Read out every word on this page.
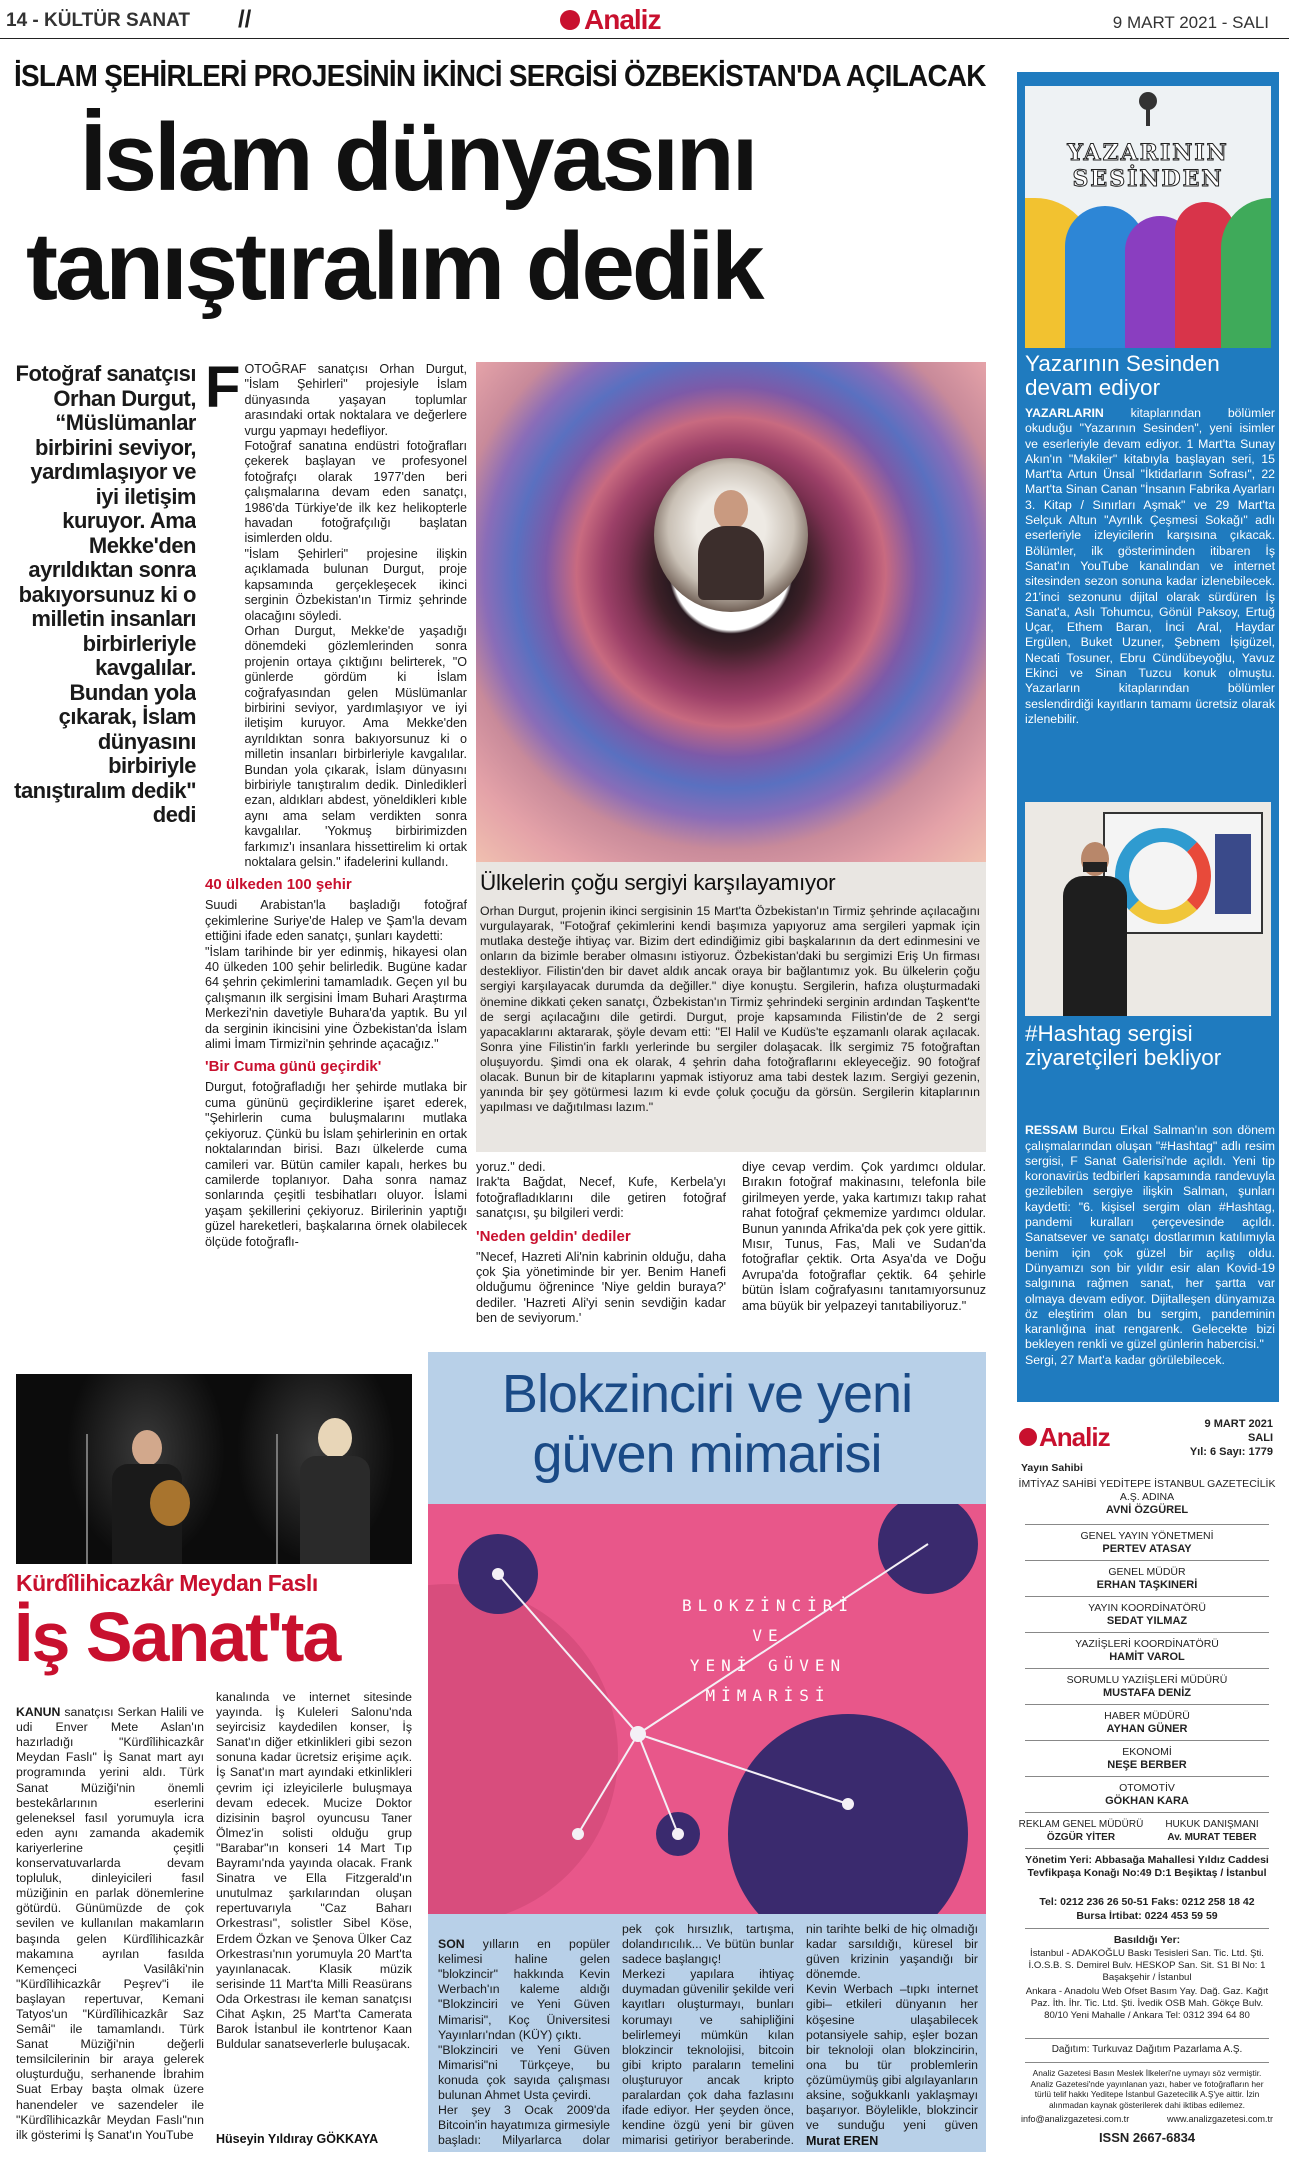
14 - KÜLTÜR SANAT //	Analiz	9 MART 2021 - SALI
İSLAM ŞEHİRLERİ PROJESİNİN İKİNCİ SERGİSİ ÖZBEKİSTAN'DA AÇILACAK
İslam dünyasını
tanıştıralım dedik
Fotoğraf sanatçısı Orhan Durgut, “Müslümanlar birbirini seviyor, yardımlaşıyor ve iyi iletişim kuruyor. Ama Mekke'den ayrıldıktan sonra bakıyorsunuz ki o milletin insanları birbirleriyle kavgalılar. Bundan yola çıkarak, İslam dünyasını birbiriyle tanıştıralım dedik" dedi
F OTOĞRAF sanatçısı Orhan Durgut, "İslam Şehirleri" projesiyle İslam dünyasında yaşayan toplumlar arasındaki ortak noktalara ve değerlere vurgu yapmayı hedefliyor.
Fotoğraf sanatına endüstri fotoğrafları çekerek başlayan ve profesyonel fotoğrafçı olarak 1977'den beri çalışmalarına devam eden sanatçı, 1986'da Türkiye'de ilk kez helikopterle havadan fotoğrafçılığı başlatan isimlerden oldu.
"İslam Şehirleri" projesine ilişkin açıklamada bulunan Durgut, proje kapsamında gerçekleşecek ikinci serginin Özbekistan'ın Tirmiz şehrinde olacağını söyledi.
Orhan Durgut, Mekke'de yaşadığı dönemdeki gözlemlerinden sonra projenin ortaya çıktığını belirterek, "O günlerde gördüm ki İslam coğrafyasından gelen Müslümanlar birbirini seviyor, yardımlaşıyor ve iyi iletişim kuruyor. Ama Mekke'den ayrıldıktan sonra bakıyorsunuz ki o milletin insanları birbirleriyle kavgalılar. Bundan yola çıkarak, İslam dünyasını birbiriyle tanıştıralım dedik. Dinlediklerİ ezan, aldıkları abdest, yöneldikleri kıble aynı ama selam verdikten sonra kavgalılar. 'Yokmuş birbirimizden farkımız'ı insanlara hissettirelim ki ortak noktalara gelsin." ifadelerini kullandı.
40 ülkeden 100 şehir
Suudi Arabistan'la başladığı fotoğraf çekimlerine Suriye'de Halep ve Şam'la devam ettiğini ifade eden sanatçı, şunları kaydetti:
"İslam tarihinde bir yer edinmiş, hikayesi olan 40 ülkeden 100 şehir belirledik. Bugüne kadar 64 şehrin çekimlerini tamamladık. Geçen yıl bu çalışmanın ilk sergisini İmam Buhari Araştırma Merkezi'nin davetiyle Buhara'da yaptık. Bu yıl da serginin ikincisini yine Özbekistan'da İslam alimi İmam Tirmizi'nin şehrinde açacağız."
'Bir Cuma günü geçirdik'
Durgut, fotoğrafladığı her şehirde mutlaka bir cuma gününü geçirdiklerine işaret ederek, "Şehirlerin cuma buluşmalarını mutlaka çekiyoruz. Çünkü bu İslam şehirlerinin en ortak noktalarından birisi. Bazı ülkelerde cuma camileri var. Bütün camiler kapalı, herkes bu camilerde toplanıyor. Daha sonra namaz sonlarında çeşitli tesbihatları oluyor. İslami yaşam şekillerini çekiyoruz. Birilerinin yaptığı güzel hareketleri, başkalarına örnek olabilecek ölçüde fotoğraflı-
Ülkelerin çoğu sergiyi karşılayamıyor
Orhan Durgut, projenin ikinci sergisinin 15 Mart'ta Özbekistan'ın Tirmiz şehrinde açılacağını vurgulayarak, "Fotoğraf çekimlerini kendi başımıza yapıyoruz ama sergileri yapmak için mutlaka desteğe ihtiyaç var. Bizim dert edindiğimiz gibi başkalarının da dert edinmesini ve onların da bizimle beraber olmasını istiyoruz. Özbekistan'daki bu sergimizi Eriş Un firması destekliyor. Filistin'den bir davet aldık ancak oraya bir bağlantımız yok. Bu ülkelerin çoğu sergiyi karşılayacak durumda da değiller." diye konuştu. Sergilerin, hafıza oluşturmadaki önemine dikkati çeken sanatçı, Özbekistan'ın Tirmiz şehrindeki serginin ardından Taşkent'te de sergi açılacağını dile getirdi. Durgut, proje kapsamında Filistin'de de 2 sergi yapacaklarını aktararak, şöyle devam etti: "El Halil ve Kudüs'te eşzamanlı olarak açılacak. Sonra yine Filistin'in farklı yerlerinde bu sergiler dolaşacak. İlk sergimiz 75 fotoğraftan oluşuyordu. Şimdi ona ek olarak, 4 şehrin daha fotoğraflarını ekleyeceğiz. 90 fotoğraf olacak. Bunun bir de kitaplarını yapmak istiyoruz ama tabi destek lazım. Sergiyi gezenin, yanında bir şey götürmesi lazım ki evde çoluk çocuğu da görsün. Sergilerin kitaplarının yapılması ve dağıtılması lazım."
yoruz." dedi.
Irak'ta Bağdat, Necef, Kufe, Kerbela'yı fotoğrafladıklarını dile getiren fotoğraf sanatçısı, şu bilgileri verdi:
'Neden geldin' dediler
"Necef, Hazreti Ali'nin kabrinin olduğu, daha çok Şia yönetiminde bir yer. Benim Hanefi olduğumu öğrenince 'Niye geldin buraya?' dediler. 'Hazreti Ali'yi senin sevdiğin kadar ben de seviyorum.'
diye cevap verdim. Çok yardımcı oldular. Bırakın fotoğraf makinasını, telefonla bile girilmeyen yerde, yaka kartımızı takıp rahat rahat fotoğraf çekmemize yardımcı oldular. Bunun yanında Afrika'da pek çok yere gittik. Mısır, Tunus, Fas, Mali ve Sudan'da fotoğraflar çektik. Orta Asya'da ve Doğu Avrupa'da fotoğraflar çektik. 64 şehirle bütün İslam coğrafyasını tanıtamıyorsunuz ama büyük bir yelpazeyi tanıtabiliyoruz."
YAZARININ
SESİNDEN
Yazarının Sesinden devam ediyor
YAZARLARIN kitaplarından bölümler okuduğu "Yazarının Sesinden", yeni isimler ve eserleriyle devam ediyor. 1 Mart'ta Sunay Akın'ın "Makiler" kitabıyla başlayan seri, 15 Mart'ta Artun Ünsal "İktidarların Sofrası", 22 Mart'ta Sinan Canan "İnsanın Fabrika Ayarları 3. Kitap / Sınırları Aşmak" ve 29 Mart'ta Selçuk Altun "Ayrılık Çeşmesi Sokağı" adlı eserleriyle izleyicilerin karşısına çıkacak. Bölümler, ilk gösteriminden itibaren İş Sanat'ın YouTube kanalından ve internet sitesinden sezon sonuna kadar izlenebilecek. 21'inci sezonunu dijital olarak sürdüren İş Sanat'a, Aslı Tohumcu, Gönül Paksoy, Ertuğ Uçar, Ethem Baran, İnci Aral, Haydar Ergülen, Buket Uzuner, Şebnem İşigüzel, Necati Tosuner, Ebru Cündübeyoğlu, Yavuz Ekinci ve Sinan Tuzcu konuk olmuştu. Yazarların kitaplarından bölümler seslendirdiği kayıtların tamamı ücretsiz olarak izlenebilir.
#Hashtag sergisi ziyaretçileri bekliyor

RESSAM Burcu Erkal Salman'ın son dönem çalışmalarından oluşan "#Hashtag" adlı resim sergisi, F Sanat Galerisi'nde açıldı. Yeni tip koronavirüs tedbirleri kapsamında randevuyla gezilebilen sergiye ilişkin Salman, şunları kaydetti: "6. kişisel sergim olan #Hashtag, pandemi kuralları çerçevesinde açıldı. Sanatsever ve sanatçı dostlarımın katılımıyla benim için çok güzel bir açılış oldu. Dünyamızı son bir yıldır esir alan Kovid-19 salgınına rağmen sanat, her şartta var olmaya devam ediyor. Dijitalleşen dünyamıza öz eleştirim olan bu sergim, pandeminin karanlığına inat rengarenk. Gelecekte bizi bekleyen renkli ve güzel günlerin habercisi."
Sergi, 27 Mart'a kadar görülebilecek.

Kürdîlihicazkâr Meydan Faslı
İş Sanat'ta

KANUN sanatçısı Serkan Halili ve udi Enver Mete Aslan'ın hazırladığı "Kürdîlihicazkâr Meydan Faslı" İş Sanat mart ayı programında yerini aldı. Türk Sanat Müziği'nin önemli bestekârlarının eserlerini geleneksel fasıl yorumuyla icra eden aynı zamanda akademik kariyerlerine çeşitli konservatuvarlarda devam topluluk, dinleyicileri fasıl müziğinin en parlak dönemlerine götürdü. Günümüzde de çok sevilen ve kullanılan makamların başında gelen Kürdîlihicazkâr makamına ayrılan fasılda Kemençeci Vasilâki'nin "Kürdîlihicazkâr Peşrev"i ile başlayan repertuvar, Kemani Tatyos'un "Kürdîlihicazkâr Saz Semâi" ile tamamlandı. Türk Sanat Müziği'nin değerli temsilcilerinin bir araya gelerek oluşturduğu, serhanende İbrahim Suat Erbay başta olmak üzere hanendeler ve sazendeler ile "Kürdîlihicazkâr Meydan Faslı"nın ilk gösterimi İş Sanat'ın YouTube

kanalında ve internet sitesinde yayında. İş Kuleleri Salonu'nda seyircisiz kaydedilen konser, İş Sanat'ın diğer etkinlikleri gibi sezon sonuna kadar ücretsiz erişime açık. İş Sanat'ın mart ayındaki etkinlikleri çevrim içi izleyicilerle buluşmaya devam edecek. Mucize Doktor dizisinin başrol oyuncusu Taner Ölmez'in solisti olduğu grup "Barabar"ın konseri 14 Mart Tıp Bayramı'nda yayında olacak. Frank Sinatra ve Ella Fitzgerald'ın unutulmaz şarkılarından oluşan repertuvarıyla "Caz Baharı Orkestrası", solistler Sibel Köse, Erdem Özkan ve Şenova Ülker Caz Orkestrası'nın yorumuyla 20 Mart'ta yayınlanacak. Klasik müzik serisinde 11 Mart'ta Milli Reasürans Oda Orkestrası ile keman sanatçısı Cihat Aşkın, 25 Mart'ta Camerata Barok İstanbul ile kontrtenor Kaan Buldular sanatseverlerle buluşacak.
Hüseyin Yıldıray GÖKKAYA
Blokzinciri ve yeni
güven mimarisi
BLOKZİNCİRİ
VE
YENİ GÜVEN
MİMARİSİ

SON yılların en popüler kelimesi haline gelen "blokzincir" hakkında Kevin Werbach'ın kaleme aldığı "Blokzinciri ve Yeni Güven Mimarisi", Koç Üniversitesi Yayınları'ndan (KÜY) çıktı.
"Blokzinciri ve Yeni Güven Mimarisi"ni Türkçeye, bu konuda çok sayıda çalışması bulunan Ahmet Usta çevirdi.
Her şey 3 Ocak 2009'da Bitcoin'in hayatımıza girmesiyle başladı: Milyarlarca dolar

pek çok hırsızlık, tartışma, dolandırıcılık... Ve bütün bunlar sadece başlangıç!
Merkezi yapılara ihtiyaç duymadan güvenilir şekilde veri kayıtları oluşturmayı, bunları korumayı ve sahipliğini belirlemeyi mümkün kılan blokzincir teknolojisi, bitcoin gibi kripto paraların temelini oluşturuyor ancak kripto paralardan çok daha fazlasını ifade ediyor. Her şeyden önce, kendine özgü yeni bir güven mimarisi getiriyor beraberinde.
nin tarihte belki de hiç olmadığı kadar sarsıldığı, küresel bir güven krizinin yaşandığı bir dönemde.
Kevin Werbach –tıpkı internet gibi– etkileri dünyanın her köşesine ulaşabilecek potansiyele sahip, eşler bozan bir teknoloji olan blokzincirin, ona bu tür problemlerin çözümüymüş gibi algılayanların aksine, soğukkanlı yaklaşmayı başarıyor. Böylelikle, blokzincir ve sunduğu yeni güven
Murat EREN
Analiz	9 MART 2021
SALI
Yıl: 6 Sayı: 1779
Yayın Sahibi
İMTİYAZ SAHİBİ YEDİTEPE İSTANBUL GAZETECİLİK A.Ş. ADINA
AVNİ ÖZGÜREL
GENEL YAYIN YÖNETMENİ
PERTEV ATASAY
GENEL MÜDÜR
ERHAN TAŞKINERİ
YAYIN KOORDİNATÖRÜ
SEDAT YILMAZ
YAZIİŞLERİ KOORDİNATÖRÜ
HAMİT VAROL
SORUMLU YAZIİŞLERİ MÜDÜRÜ
MUSTAFA DENİZ
HABER MÜDÜRÜ
AYHAN GÜNER
EKONOMİ
NEŞE BERBER
OTOMOTİV
GÖKHAN KARA
REKLAM GENEL MÜDÜRÜ
ÖZGÜR YİTER
HUKUK DANIŞMANI
Av. MURAT TEBER
Yönetim Yeri: Abbasağa Mahallesi Yıldız Caddesi Tevfikpaşa Konağı No:49 D:1 Beşiktaş / İstanbul
Tel: 0212 236 26 50-51 Faks: 0212 258 18 42
Bursa İrtibat: 0224 453 59 59
Basıldığı Yer:
İstanbul - ADAKOĞLU Baskı Tesisleri San. Tic. Ltd. Şti. İ.O.S.B. S. Demirel Bulv. HESKOP San. Sit. S1 Bl No: 1 Başakşehir / İstanbul
Ankara - Anadolu Web Ofset Basım Yay. Dağ. Gaz. Kağıt Paz. İth. İhr. Tic. Ltd. Şti. İvedik OSB Mah. Gökçe Bulv. 80/10 Yeni Mahalle / Ankara Tel: 0312 394 64 80
Dağıtım: Turkuvaz Dağıtım Pazarlama A.Ş.
Analiz Gazetesi Basın Meslek İlkeleri'ne uymayı söz vermiştir. Analiz Gazetesi'nde yayınlanan yazı, haber ve fotoğrafların her türlü telif hakkı Yeditepe İstanbul Gazetecilik A.Ş'ye aittir. İzin alınmadan kaynak gösterilerek dahi iktibas edilemez.
info@analizgazetesi.com.tr	www.analizgazetesi.com.tr
ISSN 2667-6834
